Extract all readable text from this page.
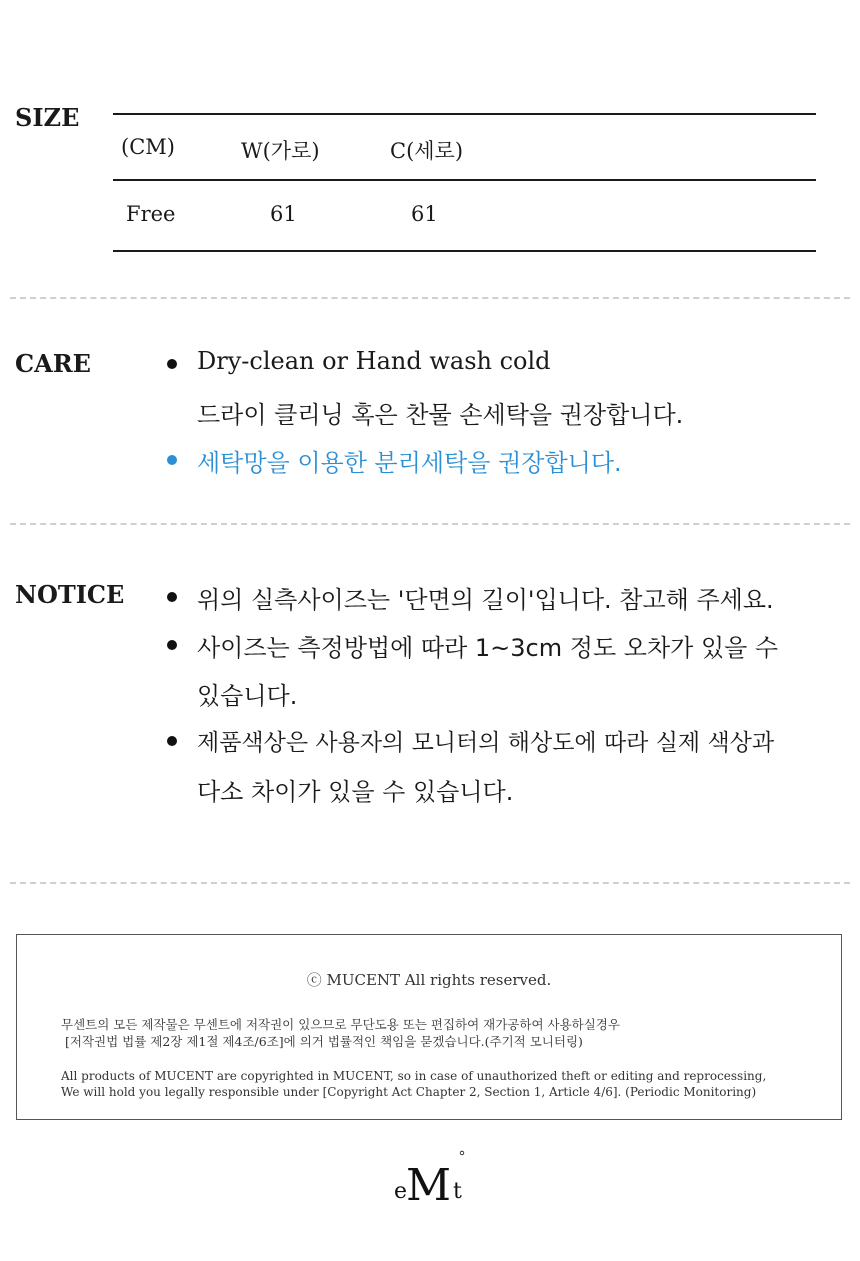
SIZE
(CM)	W(가로)	C(세로)
Free	61	61
CARE	Dry-clean or Hand wash cold
드라이 클리닝 혹은 찬물 손세탁을 권장합니다.
세탁망을 이용한 분리세탁을 권장합니다.
NOTICE	위의 실측사이즈는 '단면의 길이'입니다. 참고해 주세요.
사이즈는 측정방법에 따라 1~3cm 정도 오차가 있을 수
있습니다.
제품색상은 사용자의 모니터의 해상도에 따라 실제 색상과
다소 차이가 있을 수 있습니다.
ⓒ MUCENT All rights reserved.
무센트의 모든 제작물은 무센트에 저작권이 있으므로 무단도용 또는 편집하여 재가공하여 사용하실경우
[저작권법 법률 제2장 제1절 제4조/6조]에 의거 법률적인 책임을 묻겠습니다.(주기적 모니터링)
All products of MUCENT are copyrighted in MUCENT, so in case of unauthorized theft or editing and reprocessing,
We will hold you legally responsible under [Copyright Act Chapter 2, Section 1, Article 4/6]. (Periodic Monitoring)
e
M t
